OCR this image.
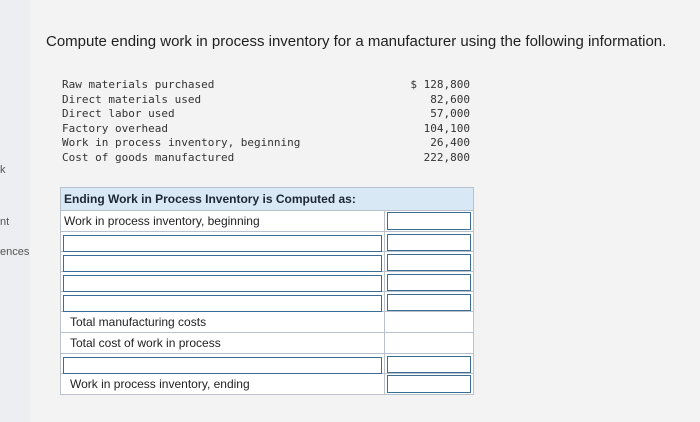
k
nt
ences
Compute ending work in process inventory for a manufacturer using the following information.
Raw materials purchased	$ 128,800
Direct materials used	82,600
Direct labor used	57,000
Factory overhead	104,100
Work in process inventory, beginning	26,400
Cost of goods manufactured	222,800
Ending Work in Process Inventory is Computed as:
Work in process inventory, beginning
Total manufacturing costs
Total cost of work in process
Work in process inventory, ending
